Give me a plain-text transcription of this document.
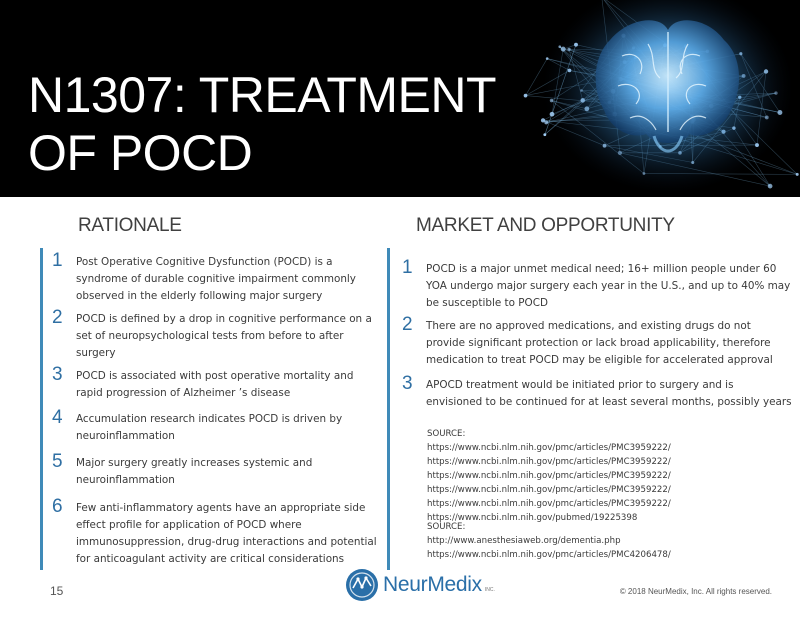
N1307: TREATMENT
OF POCD
RATIONALE
1	Post Operative Cognitive Dysfunction (POCD) is a
syndrome of durable cognitive impairment commonly
observed in the elderly following major surgery
2	POCD is defined by a drop in cognitive performance on a
set of neuropsychological tests from before to after
surgery
3	POCD is associated with post operative mortality and
rapid progression of Alzheimer ’s disease
4	Accumulation research indicates POCD is driven by
neuroinflammation
5	Major surgery greatly increases systemic and
neuroinflammation
6	Few anti-inflammatory agents have an appropriate side
effect profile for application of POCD where
immunosuppression, drug-drug interactions and potential
for anticoagulant activity are critical considerations
MARKET AND OPPORTUNITY
1	POCD is a major unmet medical need; 16+ million people under 60
YOA undergo major surgery each year in the U.S., and up to 40% may
be susceptible to POCD
2	There are no approved medications, and existing drugs do not
provide significant protection or lack broad applicability, therefore
medication to treat POCD may be eligible for accelerated approval
3	APOCD treatment would be initiated prior to surgery and is
envisioned to be continued for at least several months, possibly years
SOURCE:
https://www.ncbi.nlm.nih.gov/pmc/articles/PMC3959222/
https://www.ncbi.nlm.nih.gov/pmc/articles/PMC3959222/
https://www.ncbi.nlm.nih.gov/pmc/articles/PMC3959222/
https://www.ncbi.nlm.nih.gov/pmc/articles/PMC3959222/
https://www.ncbi.nlm.nih.gov/pmc/articles/PMC3959222/
https://www.ncbi.nlm.nih.gov/pubmed/19225398
SOURCE:
http://www.anesthesiaweb.org/dementia.php
https://www.ncbi.nlm.nih.gov/pmc/articles/PMC4206478/
15	NeurMedix INC.	© 2018 NeurMedix, Inc. All rights reserved.
